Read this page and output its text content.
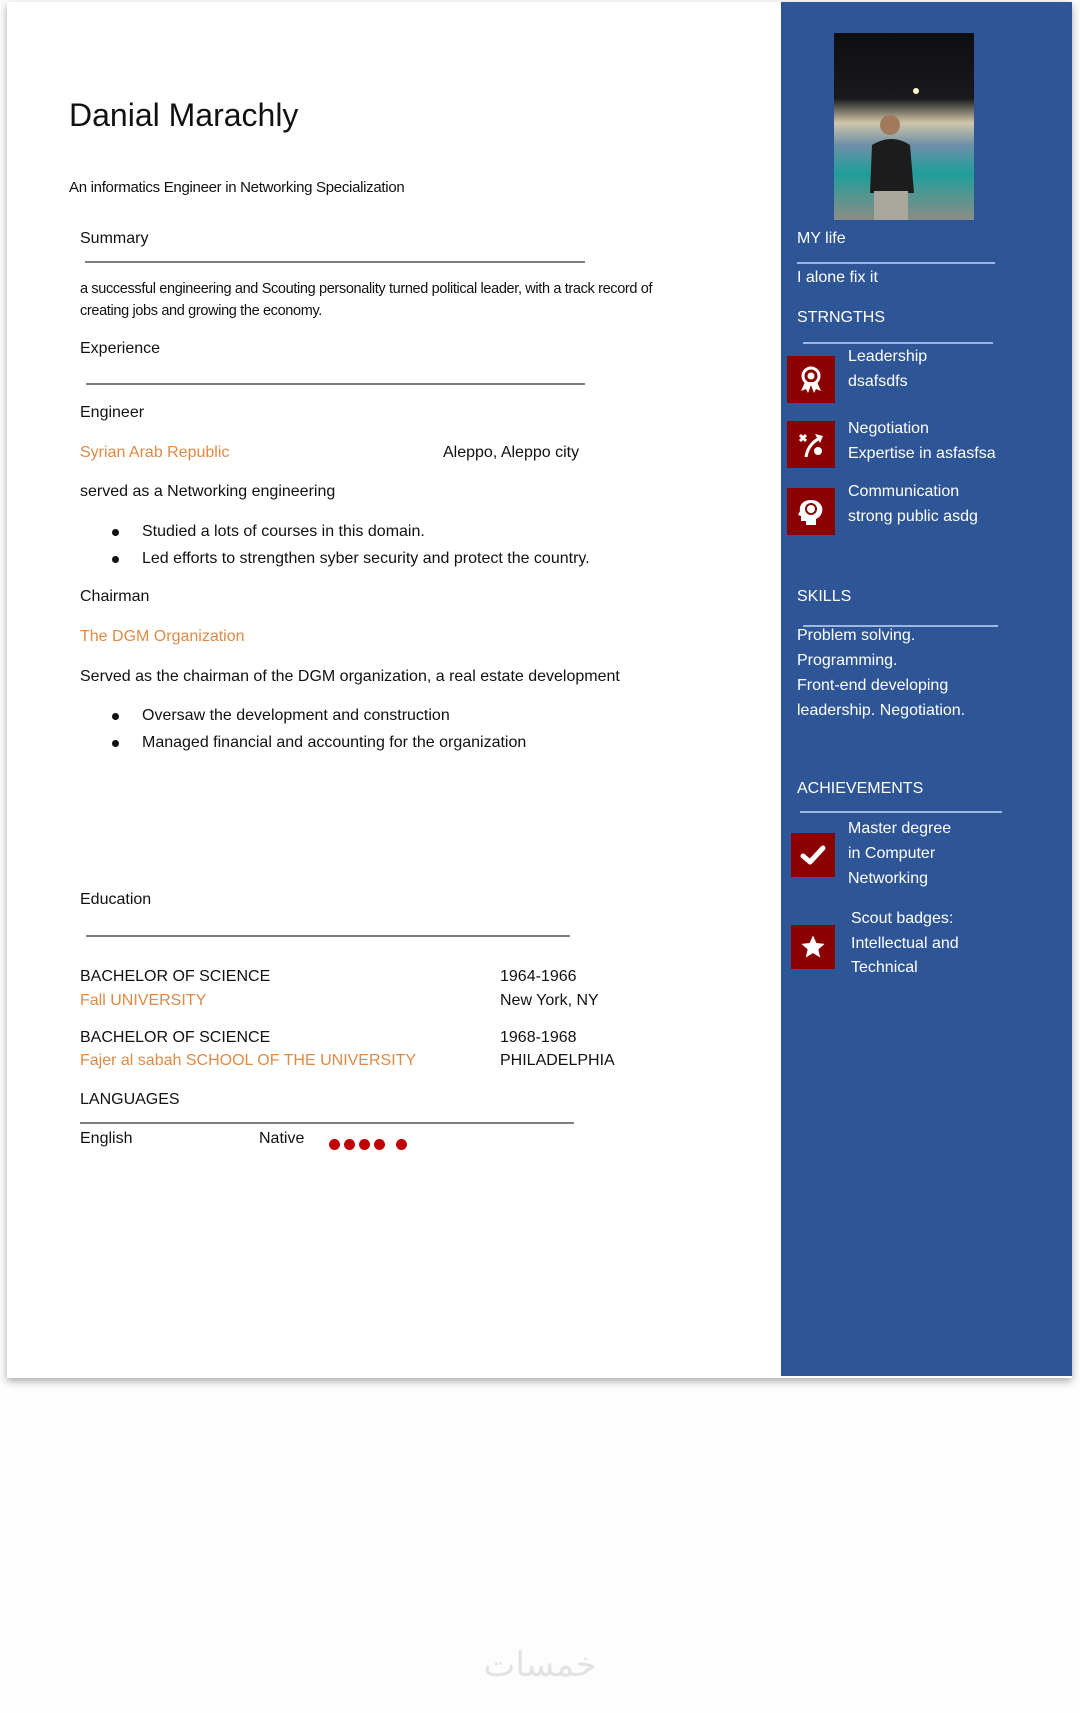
Danial Marachly
An informatics Engineer in Networking Specialization
Summary
a successful engineering and Scouting personality turned political leader, with a track record of
creating jobs and growing the economy.
Experience
Engineer
Syrian Arab Republic	Aleppo, Aleppo city
served as a Networking engineering
Studied a lots of courses in this domain.
Led efforts to strengthen syber security and protect the country.
Chairman
The DGM Organization
Served as the chairman of the DGM organization, a real estate development
Oversaw the development and construction
Managed financial and accounting for the organization
Education
BACHELOR OF SCIENCE
Fall UNIVERSITY
1964-1966
New York, NY
BACHELOR OF SCIENCE
Fajer al sabah SCHOOL OF THE UNIVERSITY
1968-1968
PHILADELPHIA
LANGUAGES
English	Native
MY life
I alone fix it
STRNGTHS
Leadership
dsafsdfs
Negotiation
Expertise in asfasfsa
Communication
strong public asdg
SKILLS
Problem solving.
Programming.
Front-end developing
leadership. Negotiation.
ACHIEVEMENTS
Master degree
in Computer
Networking
Scout badges:
Intellectual and
Technical
خمسات
